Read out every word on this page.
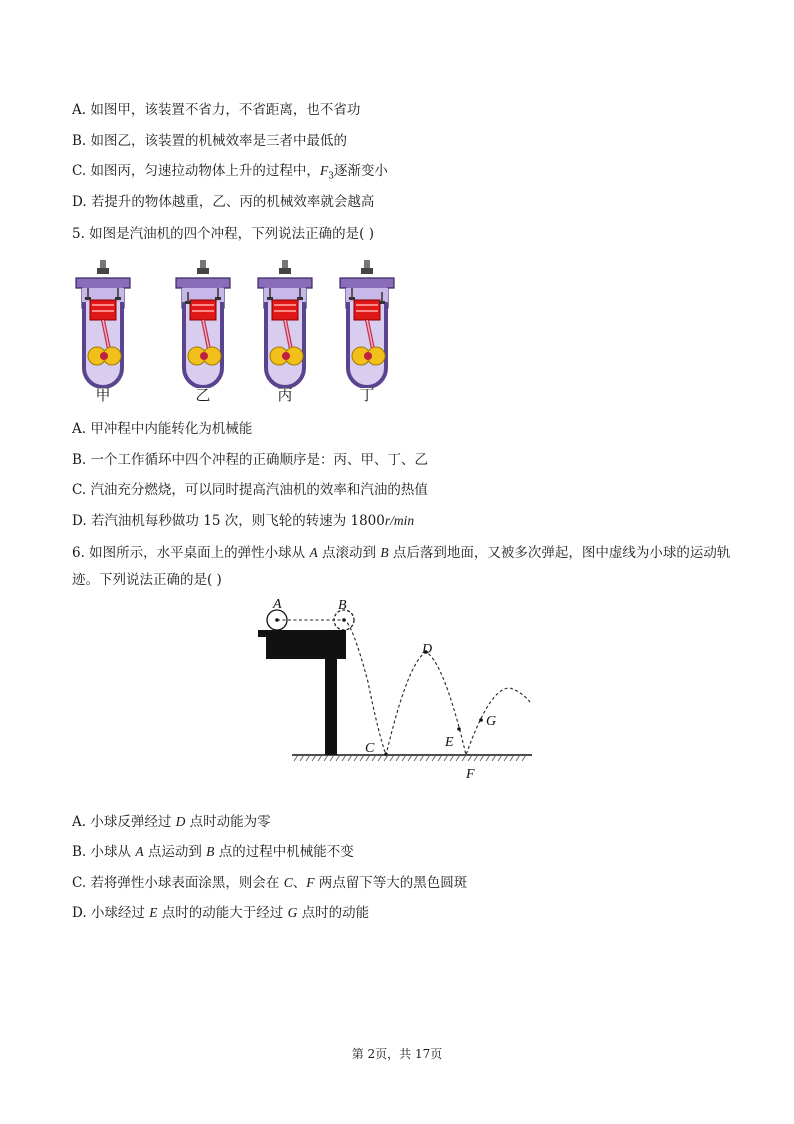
A. 如图甲，该装置不省力，不省距离，也不省功
B. 如图乙，该装置的机械效率是三者中最低的
C. 如图丙，匀速拉动物体上升的过程中，$F_3$逐渐变小
D. 若提升的物体越重，乙、丙的机械效率就会越高
5. 如图是汽油机的四个冲程，下列说法正确的是( )
甲	乙	丙	丁
A. 甲冲程中内能转化为机械能
B. 一个工作循环中四个冲程的正确顺序是：丙、甲、丁、乙
C. 汽油充分燃烧，可以同时提高汽油机的效率和汽油的热值
D. 若汽油机每秒做功 15 次，则飞轮的转速为 1800r/min
6. 如图所示，水平桌面上的弹性小球从 A 点滚动到 B 点后落到地面，又被多次弹起，图中虚线为小球的运动轨迹。下列说法正确的是( )
A	B
C
D
E
F
G
A. 小球反弹经过 D 点时动能为零
B. 小球从 A 点运动到 B 点的过程中机械能不变
C. 若将弹性小球表面涂黑，则会在 C、F 两点留下等大的黑色圆斑
D. 小球经过 E 点时的动能大于经过 G 点时的动能
第 2页，共 17页
